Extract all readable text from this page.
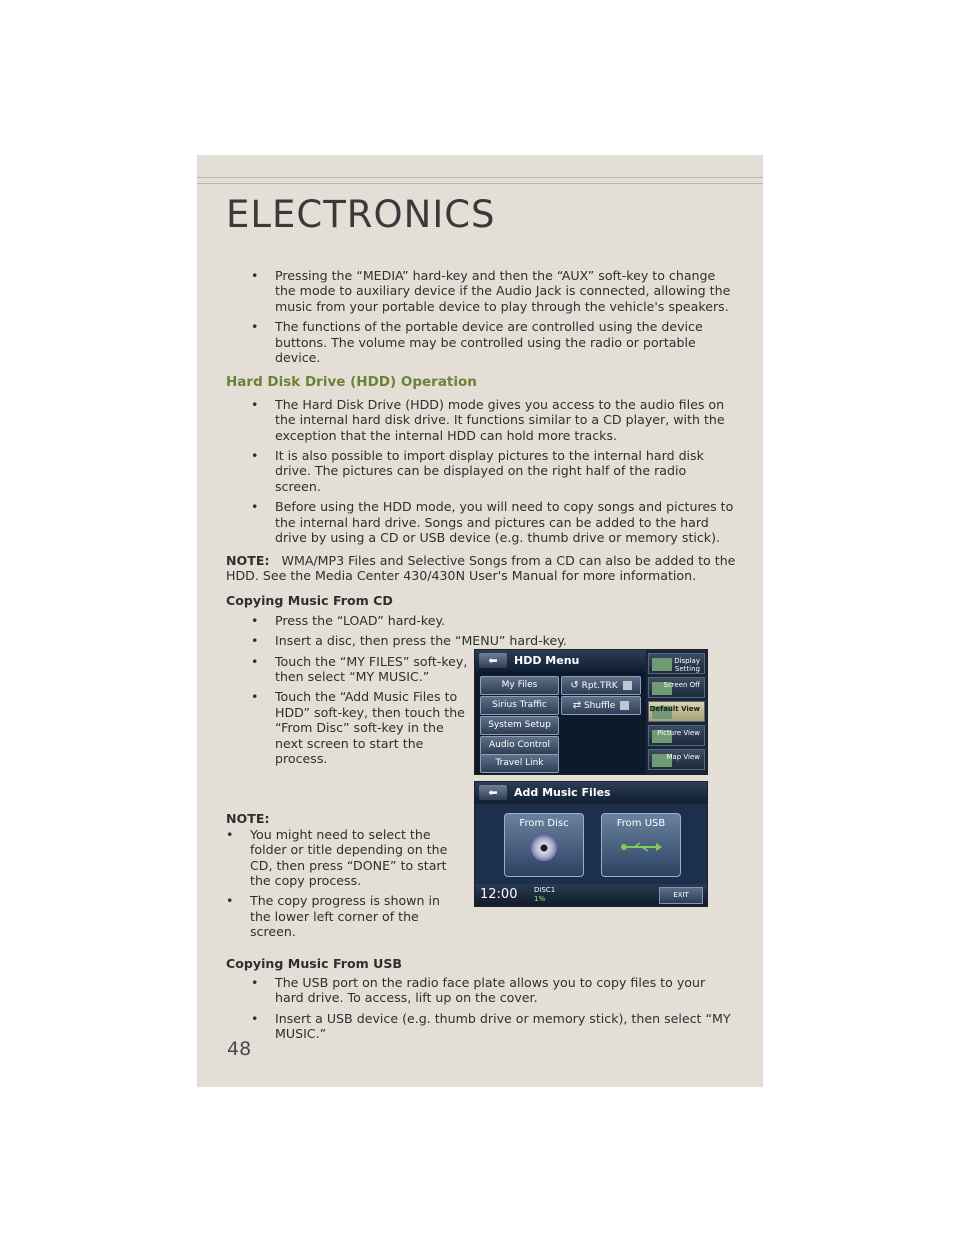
ELECTRONICS
• Pressing the “MEDIA” hard-key and then the “AUX” soft-key to change the mode to auxiliary device if the Audio Jack is connected, allowing the music from your portable device to play through the vehicle's speakers.
• The functions of the portable device are controlled using the device buttons. The volume may be controlled using the radio or portable device.
Hard Disk Drive (HDD) Operation
• The Hard Disk Drive (HDD) mode gives you access to the audio files on the internal hard disk drive. It functions similar to a CD player, with the exception that the internal HDD can hold more tracks.
• It is also possible to import display pictures to the internal hard disk drive. The pictures can be displayed on the right half of the radio screen.
• Before using the HDD mode, you will need to copy songs and pictures to the internal hard drive. Songs and pictures can be added to the hard drive by using a CD or USB device (e.g. thumb drive or memory stick).
NOTE: WMA/MP3 Files and Selective Songs from a CD can also be added to the HDD. See the Media Center 430/430N User's Manual for more information.
Copying Music From CD
• Press the “LOAD” hard-key.
• Insert a disc, then press the “MENU” hard-key.
• Touch the “MY FILES” soft-key, then select “MY MUSIC.”
• Touch the “Add Music Files to HDD” soft-key, then touch the “From Disc” soft-key in the next screen to start the process.
NOTE:
• You might need to select the folder or title depending on the CD, then press “DONE” to start the copy process.
• The copy progress is shown in the lower left corner of the screen.
Copying Music From USB
• The USB port on the radio face plate allows you to copy files to your hard drive. To access, lift up on the cover.
• Insert a USB device (e.g. thumb drive or memory stick), then select “MY MUSIC.”
⬅	HDD Menu
My Files	↺ Rpt.TRK
Sirius Traffic	⇄ Shuffle
System Setup
Audio Control
Travel Link
Display Setting
Screen Off
Default View
Picture View
Map View
⬅	Add Music Files
From Disc	From USB
12:00 DISC1
1%	EXIT
48
